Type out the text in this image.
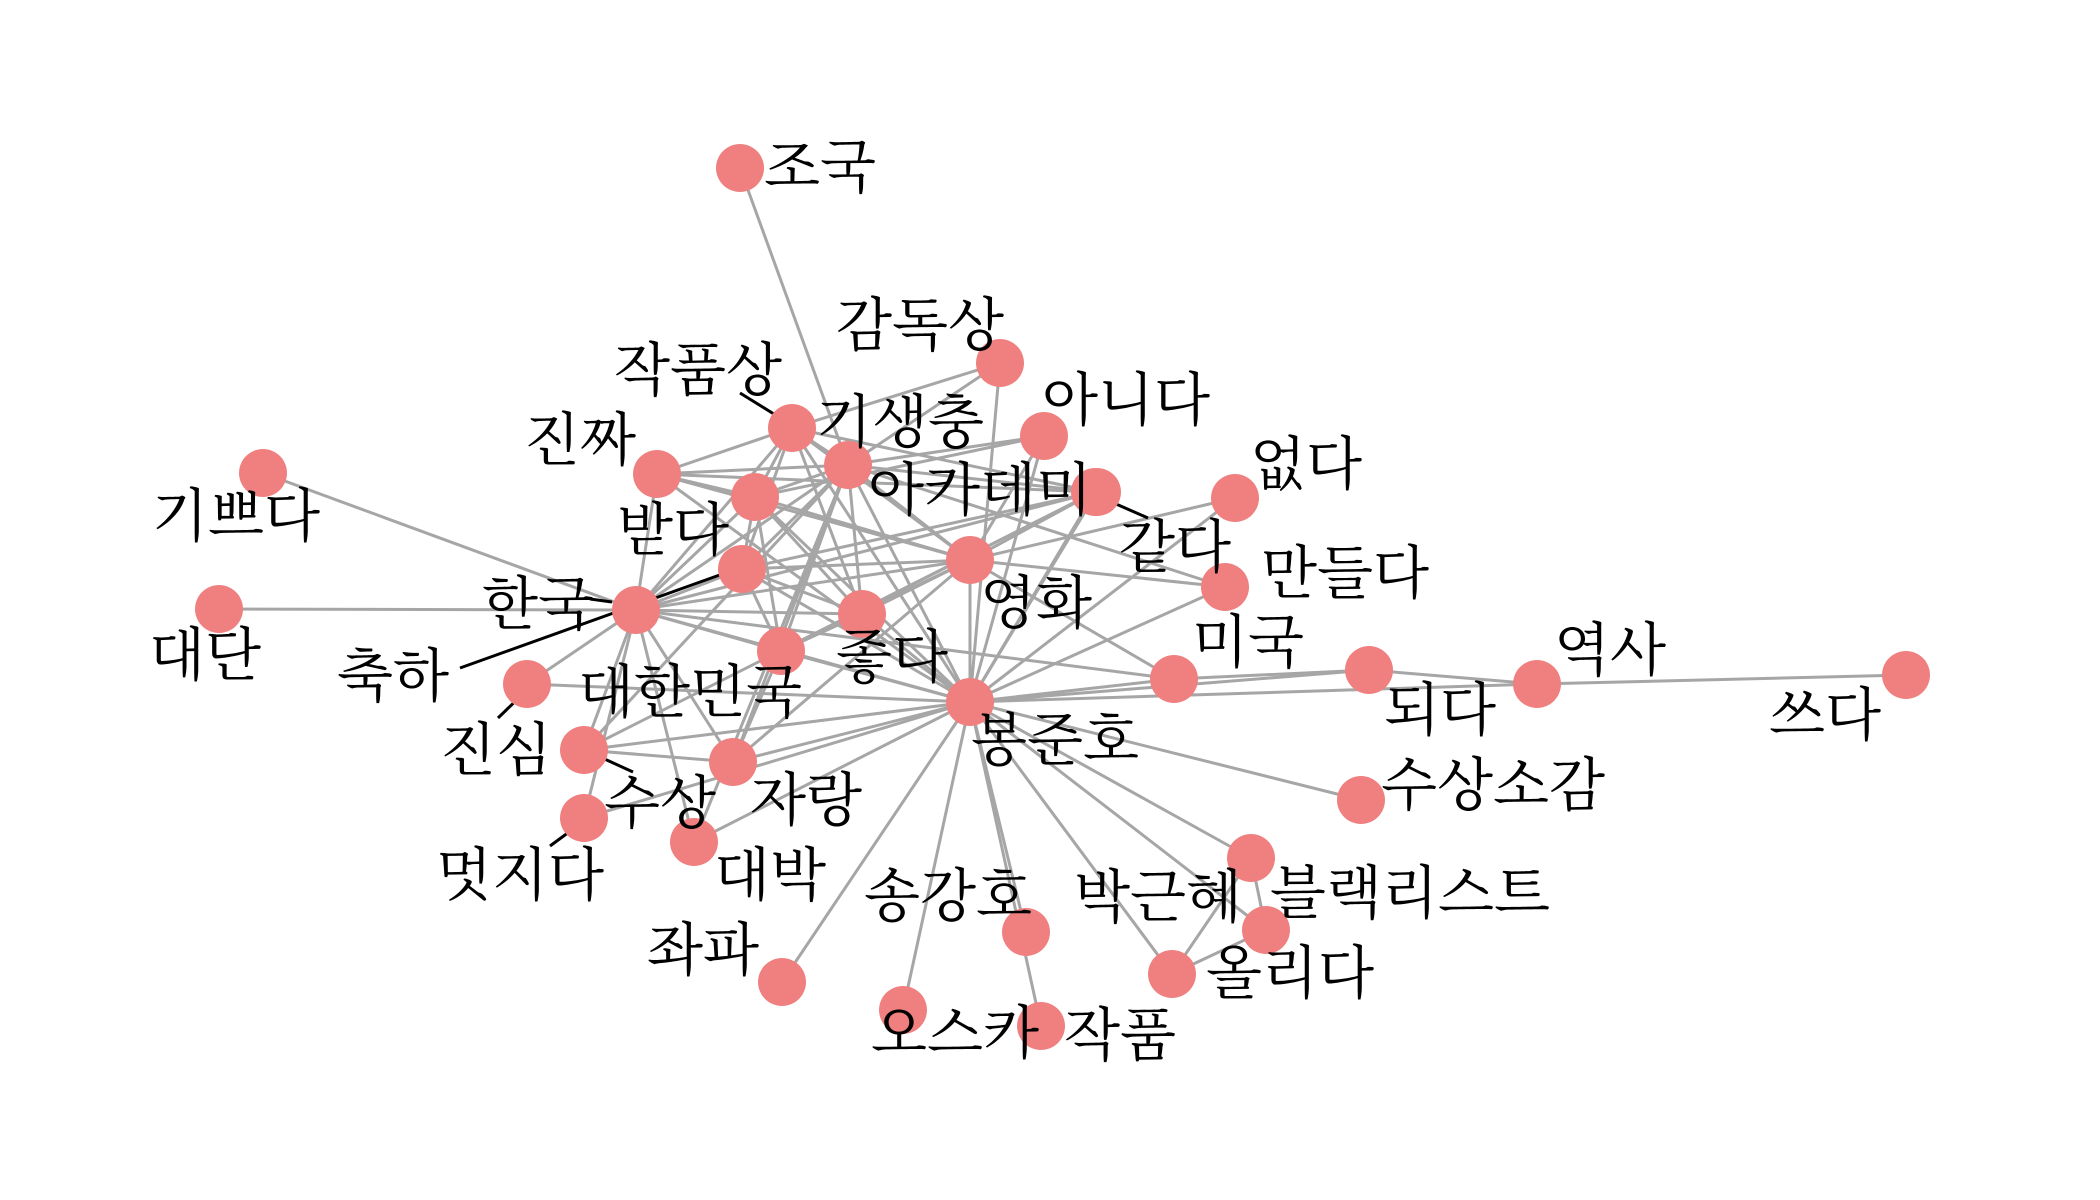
봉준호
한국	영화
기생충
아카데미
작품상
감독상
아니다
없다
같다 만들다
미국
되다
역사
쓰다
수상소감
블랙리스트
박근혜
올리다
송강호
작품
오스카
좌파
대박
자랑
대한민국
좋다
축하
받다
진짜
진심
수상
멋지다
기쁘다
대단
조국
